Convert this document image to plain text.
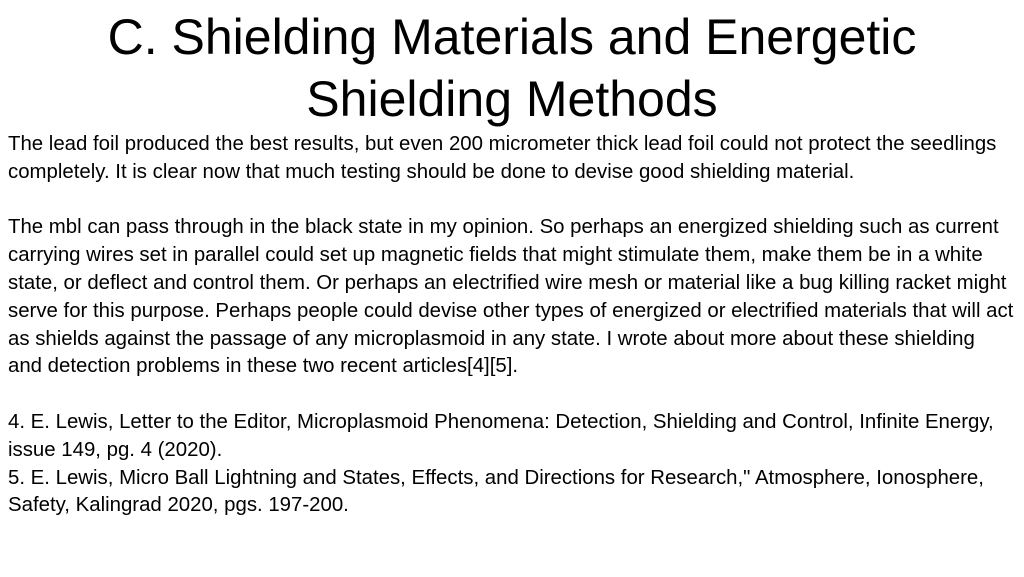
C. Shielding Materials and Energetic
Shielding Methods

The lead foil produced the best results, but even 200 micrometer thick lead foil could not protect the seedlings completely. It is clear now that much testing should be done to devise good shielding material.

The mbl can pass through in the black state in my opinion. So perhaps an energized shielding such as current carrying wires set in parallel could set up magnetic fields that might stimulate them, make them be in a white state, or deflect and control them. Or perhaps an electrified wire mesh or material like a bug killing racket might serve for this purpose. Perhaps people could devise other types of energized or electrified materials that will act as shields against the passage of any microplasmoid in any state. I wrote about more about these shielding and detection problems in these two recent articles[4][5].

4. E. Lewis, Letter to the Editor, Microplasmoid Phenomena: Detection, Shielding and Control, Infinite Energy, issue 149, pg. 4 (2020).

5. E. Lewis, Micro Ball Lightning and States, Effects, and Directions for Research," Atmosphere, Ionosphere, Safety, Kalingrad 2020, pgs. 197-200.
